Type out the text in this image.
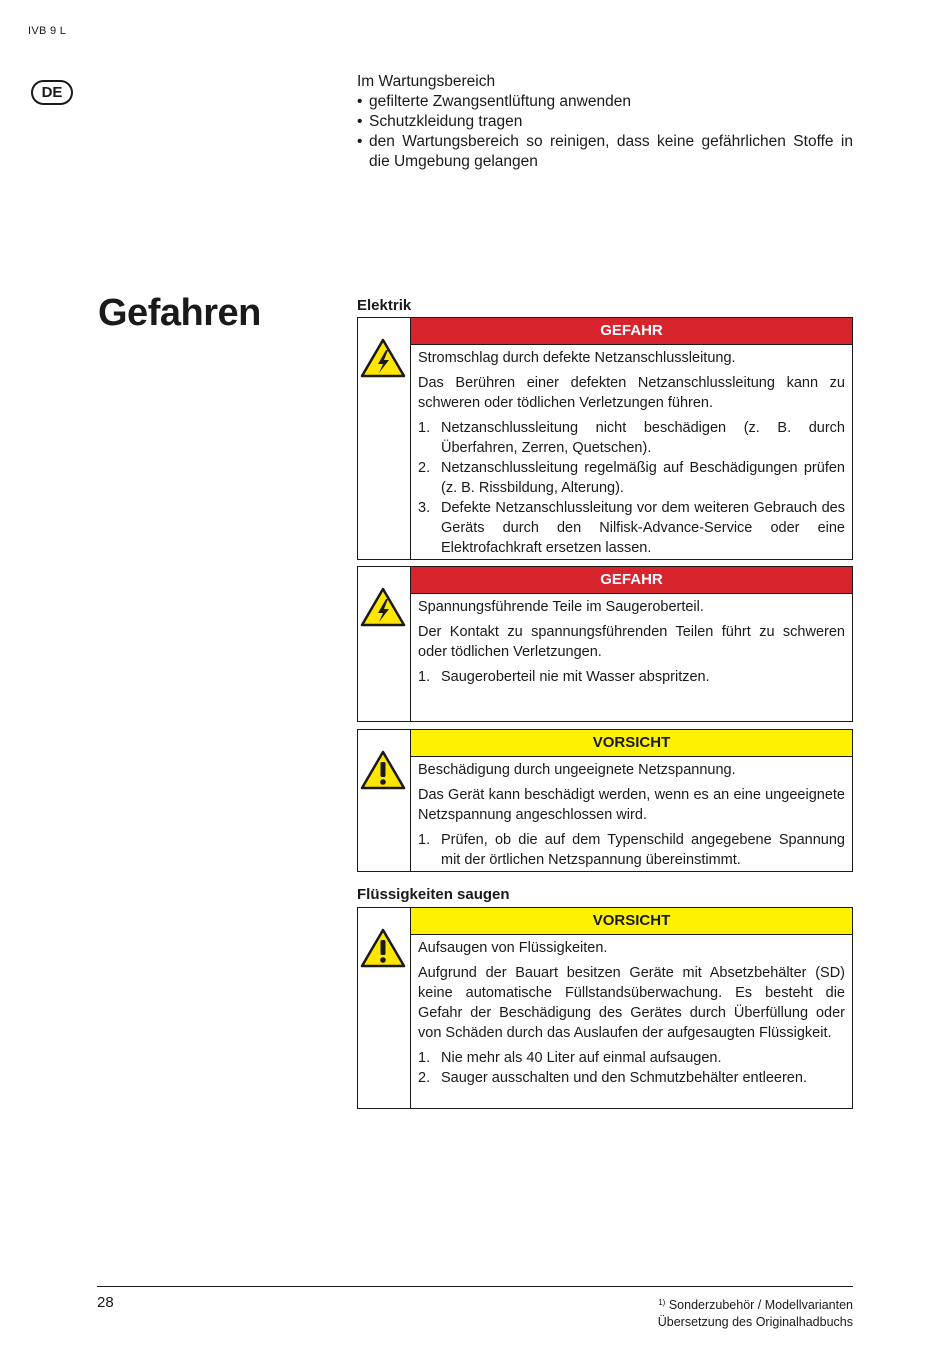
IVB 9 L
DE

Im Wartungsbereich

• gefilterte Zwangsentlüftung anwenden
• Schutzkleidung tragen
• den Wartungsbereich so reinigen, dass keine gefährlichen Stoffe in die Umgebung gelangen
Gefahren	Elektrik
GEFAHR

Stromschlag durch defekte Netzanschlussleitung.

Das Berühren einer defekten Netzanschlussleitung kann zu schweren oder tödlichen Verletzungen führen.

1. Netzanschlussleitung nicht beschädigen (z. B. durch Überfahren, Zerren, Quetschen).
2. Netzanschlussleitung regelmäßig auf Beschädigungen prüfen (z. B. Rissbildung, Alterung).
3. Defekte Netzanschlussleitung vor dem weiteren Gebrauch des Geräts durch den Nilfisk-Advance-Service oder eine Elektrofachkraft ersetzen lassen.
GEFAHR

Spannungsführende Teile im Saugeroberteil.

Der Kontakt zu spannungsführenden Teilen führt zu schweren oder tödlichen Verletzungen.

1. Saugeroberteil nie mit Wasser abspritzen.
VORSICHT

Beschädigung durch ungeeignete Netzspannung.

Das Gerät kann beschädigt werden, wenn es an eine ungeeignete Netzspannung angeschlossen wird.

1. Prüfen, ob die auf dem Typenschild angegebene Spannung mit der örtlichen Netzspannung übereinstimmt.
Flüssigkeiten saugen
VORSICHT

Aufsaugen von Flüssigkeiten.

Aufgrund der Bauart besitzen Geräte mit Absetzbehälter (SD) keine automatische Füllstandsüberwachung. Es besteht die Gefahr der Beschädigung des Gerätes durch Überfüllung oder von Schäden durch das Auslaufen der aufgesaugten Flüssigkeit.

1. Nie mehr als 40 Liter auf einmal aufsaugen.
2. Sauger ausschalten und den Schmutzbehälter entleeren.
28	$^{1)}$ Sonderzubehör / Modellvarianten
Übersetzung des Originalhadbuchs
